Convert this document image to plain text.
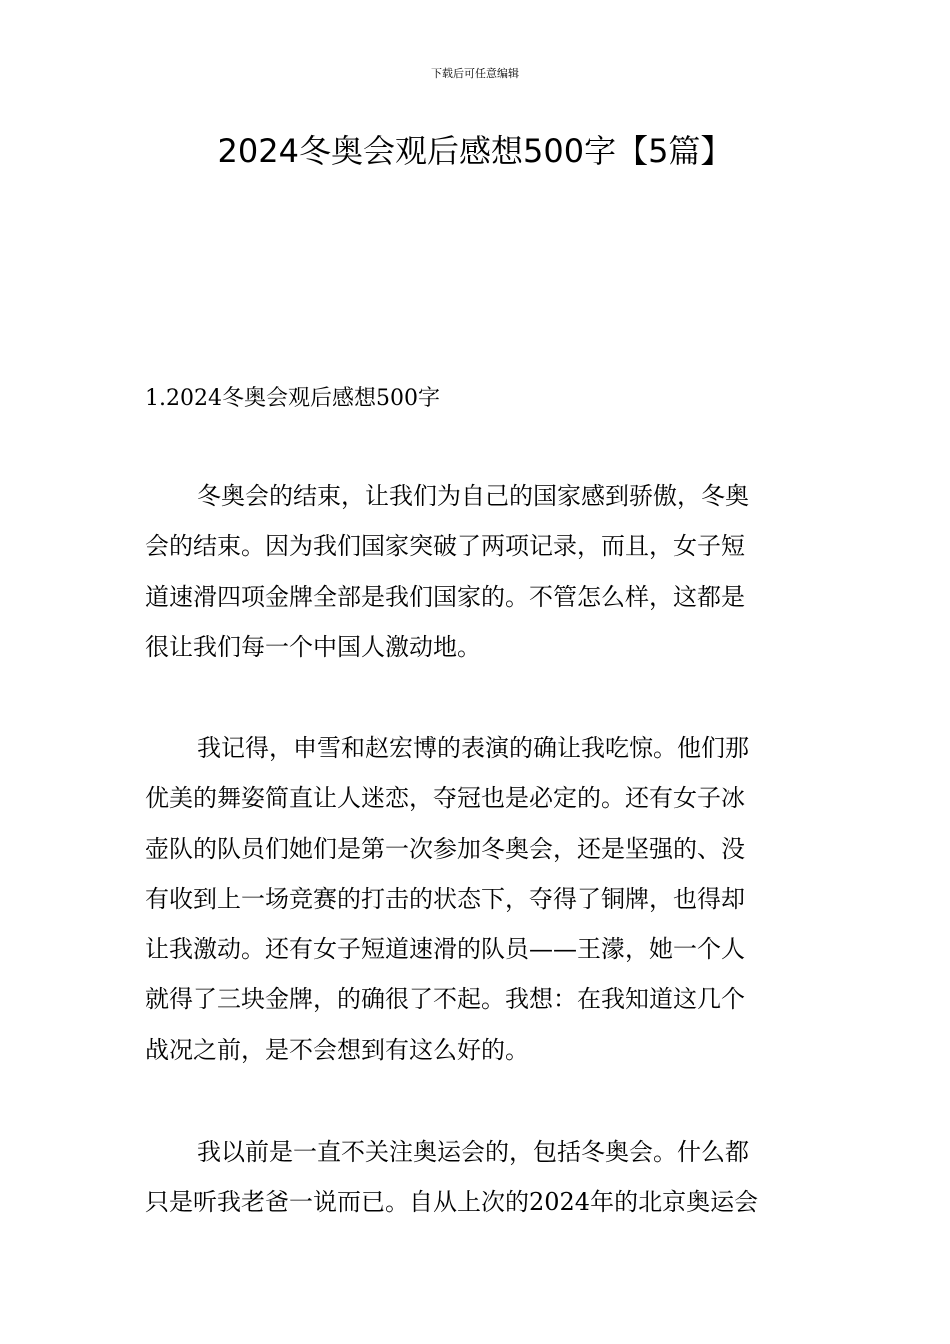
下载后可任意编辑
2024冬奥会观后感想500字【5篇】
1.2024冬奥会观后感想500字
冬奥会的结束，让我们为自己的国家感到骄傲，冬奥
会的结束。因为我们国家突破了两项记录，而且，女子短
道速滑四项金牌全部是我们国家的。不管怎么样，这都是
很让我们每一个中国人激动地。
我记得，申雪和赵宏博的表演的确让我吃惊。他们那
优美的舞姿简直让人迷恋，夺冠也是必定的。还有女子冰
壶队的队员们她们是第一次参加冬奥会，还是坚强的、没
有收到上一场竞赛的打击的状态下，夺得了铜牌，也得却
让我激动。还有女子短道速滑的队员——王濛，她一个人
就得了三块金牌，的确很了不起。我想：在我知道这几个
战况之前，是不会想到有这么好的。
我以前是一直不关注奥运会的，包括冬奥会。什么都
只是听我老爸一说而已。自从上次的2024年的北京奥运会
